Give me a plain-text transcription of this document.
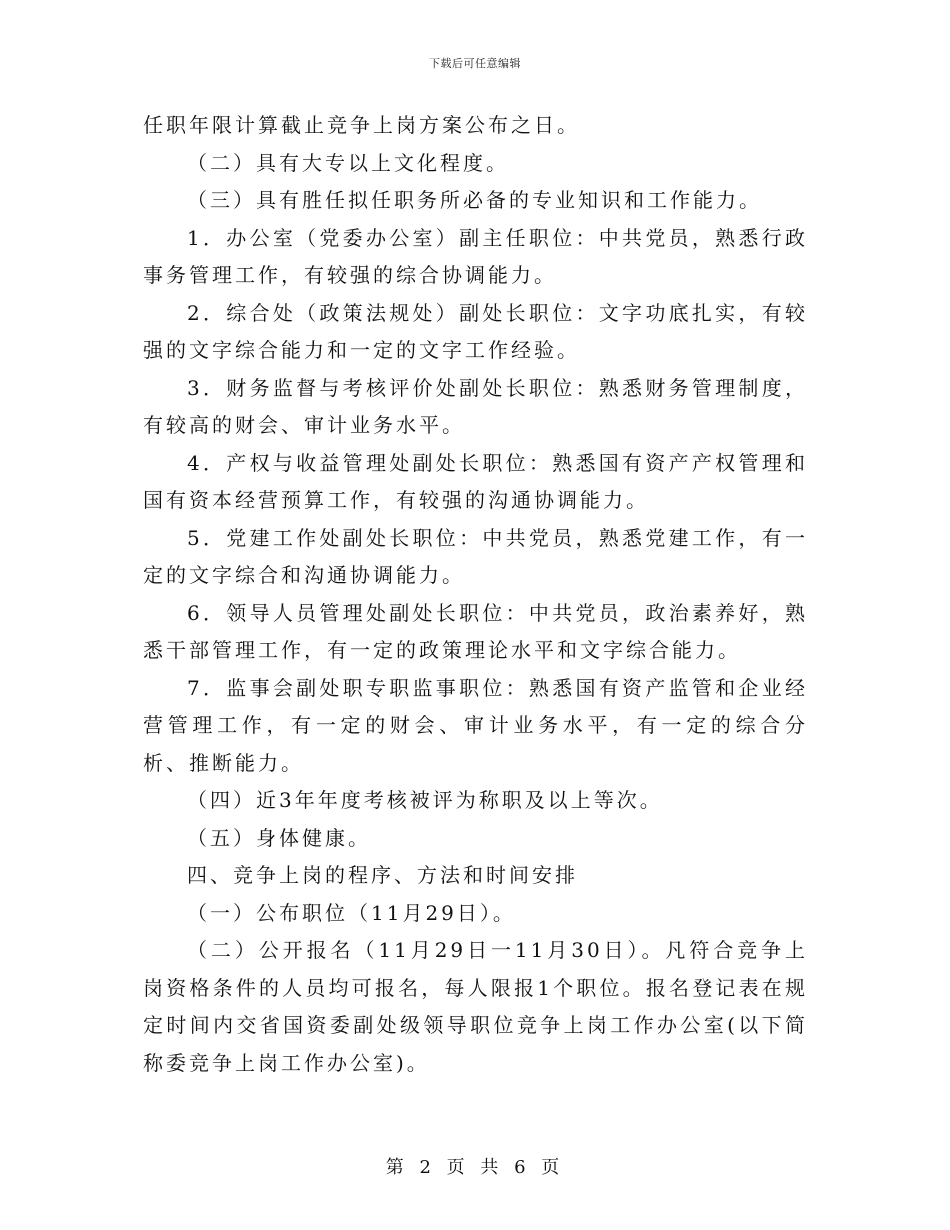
下载后可任意编辑

任职年限计算截止竞争上岗方案公布之日。

（二）具有大专以上文化程度。

（三）具有胜任拟任职务所必备的专业知识和工作能力。

1．办公室（党委办公室）副主任职位：中共党员，熟悉行政事务管理工作，有较强的综合协调能力。

2．综合处（政策法规处）副处长职位：文字功底扎实，有较强的文字综合能力和一定的文字工作经验。

3．财务监督与考核评价处副处长职位：熟悉财务管理制度，有较高的财会、审计业务水平。

4．产权与收益管理处副处长职位：熟悉国有资产产权管理和国有资本经营预算工作，有较强的沟通协调能力。

5．党建工作处副处长职位：中共党员，熟悉党建工作，有一定的文字综合和沟通协调能力。

6．领导人员管理处副处长职位：中共党员，政治素养好，熟悉干部管理工作，有一定的政策理论水平和文字综合能力。

7．监事会副处职专职监事职位：熟悉国有资产监管和企业经营管理工作，有一定的财会、审计业务水平，有一定的综合分析、推断能力。

（四）近3年年度考核被评为称职及以上等次。

（五）身体健康。

四、竞争上岗的程序、方法和时间安排

（一）公布职位（11月29日）。

（二）公开报名（11月29日一11月30日）。凡符合竞争上岗资格条件的人员均可报名，每人限报1个职位。报名登记表在规定时间内交省国资委副处级领导职位竞争上岗工作办公室(以下简称委竞争上岗工作办公室)。

第 2 页 共 6 页
